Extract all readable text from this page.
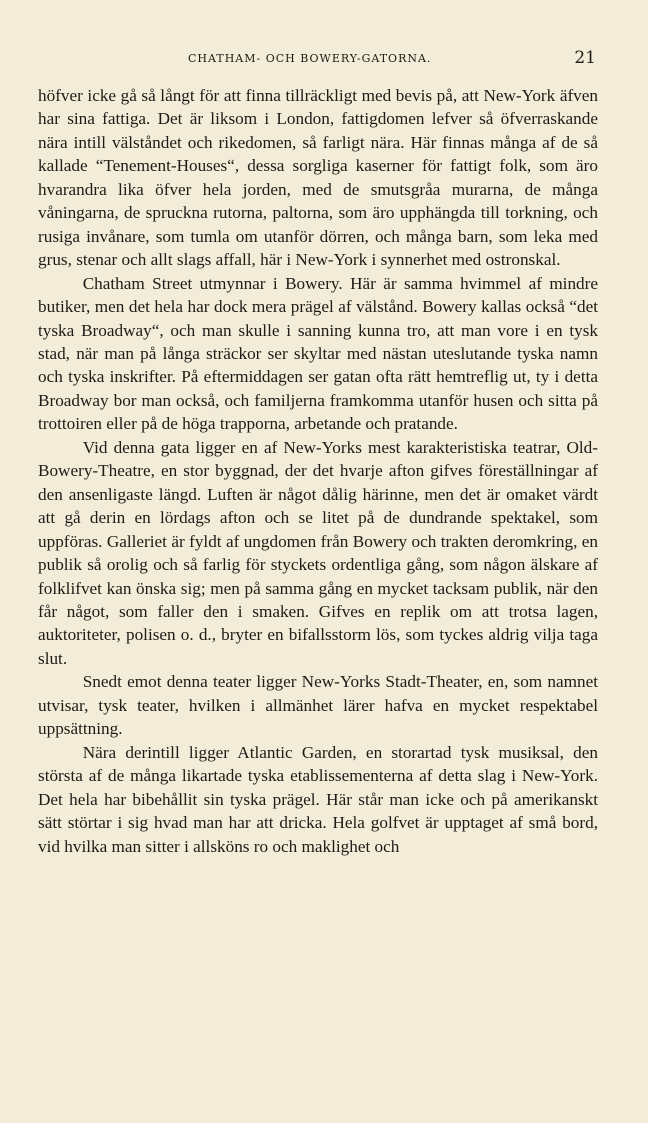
CHATHAM- OCH BOWERY-GATORNA.	21

höfver icke gå så långt för att finna tillräckligt med bevis på, att New-York äfven har sina fattiga. Det är liksom i London, fattigdomen lefver så öfverraskande nära intill välståndet och rikedomen, så farligt nära. Här finnas många af de så kallade “Tenement-Houses“, dessa sorgliga kaserner för fattigt folk, som äro hvarandra lika öfver hela jorden, med de smutsgråa murarna, de många våningarna, de spruckna rutorna, paltorna, som äro upphängda till torkning, och rusiga invånare, som tumla om utanför dörren, och många barn, som leka med grus, stenar och allt slags affall, här i New-York i synnerhet med ostronskal.

Chatham Street utmynnar i Bowery. Här är samma hvimmel af mindre butiker, men det hela har dock mera prägel af välstånd. Bowery kallas också “det tyska Broadway“, och man skulle i sanning kunna tro, att man vore i en tysk stad, när man på långa sträckor ser skyltar med nästan uteslutande tyska namn och tyska inskrifter. På eftermiddagen ser gatan ofta rätt hemtreflig ut, ty i detta Broadway bor man också, och familjerna framkomma utanför husen och sitta på trottoiren eller på de höga trapporna, arbetande och pratande.

Vid denna gata ligger en af New-Yorks mest karakteristiska teatrar, Old-Bowery-Theatre, en stor byggnad, der det hvarje afton gifves föreställningar af den ansenligaste längd. Luften är något dålig härinne, men det är omaket värdt att gå derin en lördags afton och se litet på de dundrande spektakel, som uppföras. Galleriet är fyldt af ungdomen från Bowery och trakten deromkring, en publik så orolig och så farlig för styckets ordentliga gång, som någon älskare af folklifvet kan önska sig; men på samma gång en mycket tacksam publik, när den får något, som faller den i smaken. Gifves en replik om att trotsa lagen, auktoriteter, polisen o. d., bryter en bifallsstorm lös, som tyckes aldrig vilja taga slut.

Snedt emot denna teater ligger New-Yorks Stadt-Theater, en, som namnet utvisar, tysk teater, hvilken i allmänhet lärer hafva en mycket respektabel uppsättning.

Nära derintill ligger Atlantic Garden, en storartad tysk musiksal, den största af de många likartade tyska etablissementerna af detta slag i New-York. Det hela har bibehållit sin tyska prägel. Här står man icke och på amerikanskt sätt störtar i sig hvad man har att dricka. Hela golfvet är upptaget af små bord, vid hvilka man sitter i allsköns ro och maklighet och
